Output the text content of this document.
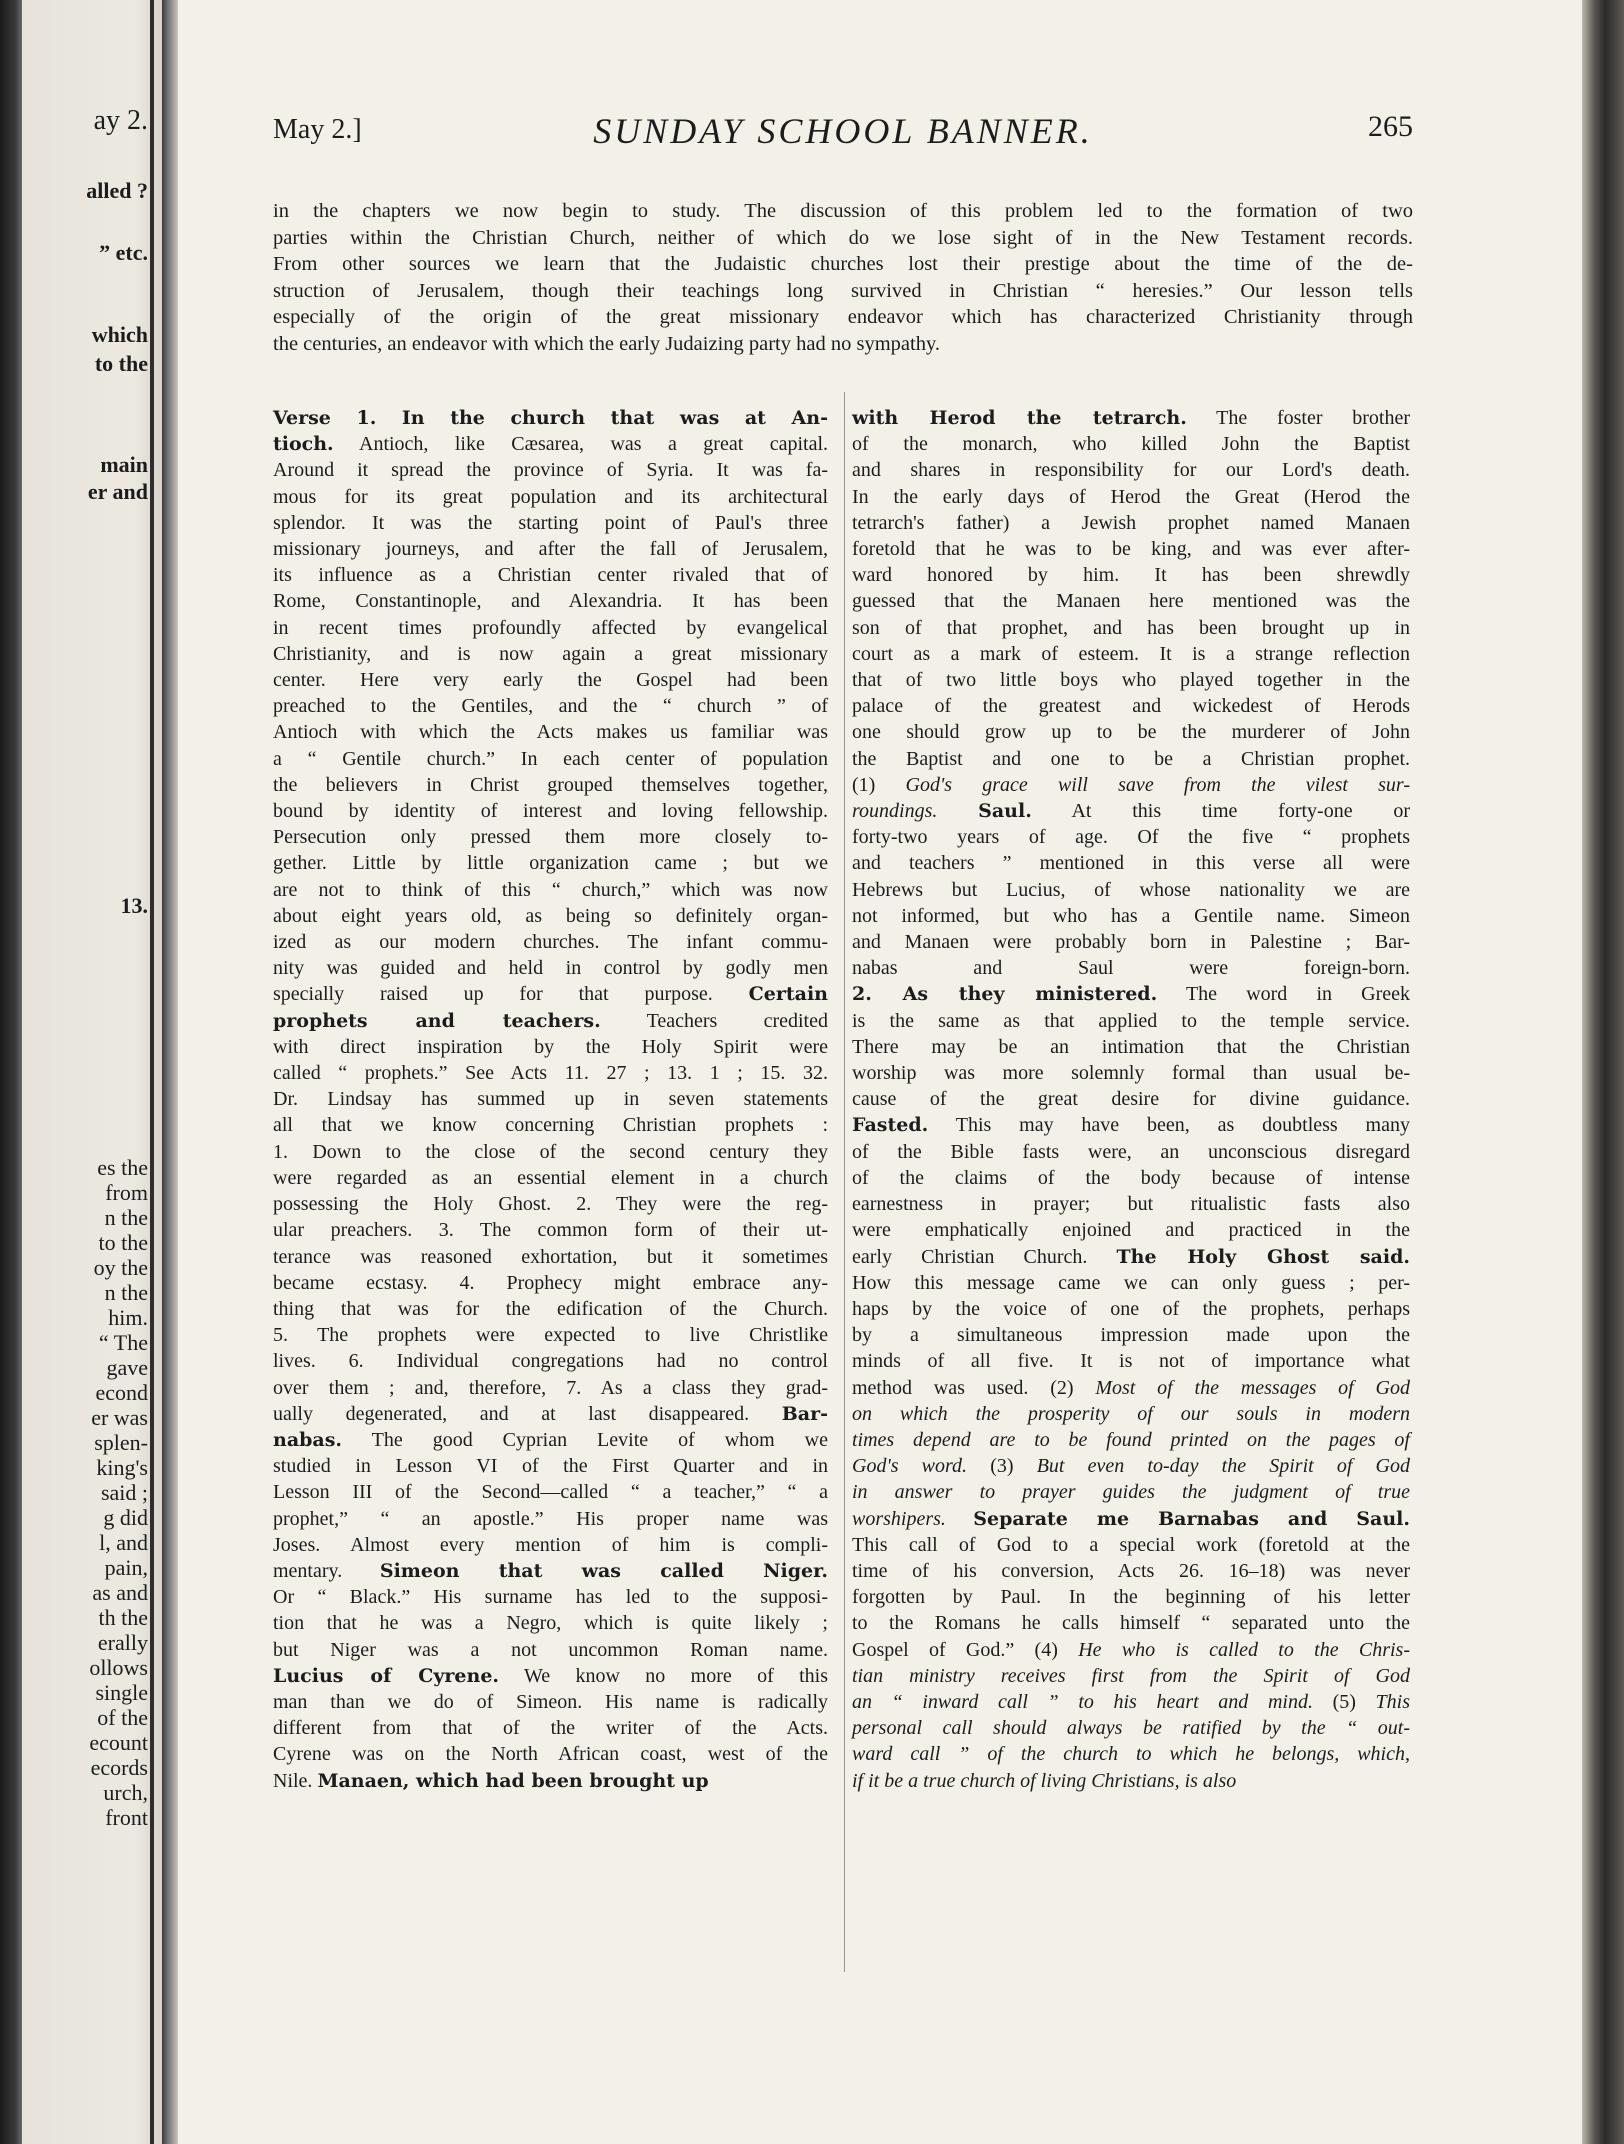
ay 2.
alled ?
” etc.
which
to the
main
er and
13.
es the
from
n the
to the
oy the
n the
him.
“ The
gave
econd
er was
splen-
king's
said ;
g did
l, and
pain,
as and
th the
erally
ollows
single
of the
ecount
ecords
urch,
front
May 2.]	SUNDAY SCHOOL BANNER.	265
in the chapters we now begin to study. The discussion of this problem led to the formation of two
parties within the Christian Church, neither of which do we lose sight of in the New Testament records.
From other sources we learn that the Judaistic churches lost their prestige about the time of the de-
struction of Jerusalem, though their teachings long survived in Christian “ heresies.” Our lesson tells
especially of the origin of the great missionary endeavor which has characterized Christianity through
the centuries, an endeavor with which the early Judaizing party had no sympathy.
Verse 1. In the church that was at An-
tioch. Antioch, like Cæsarea, was a great capital.
Around it spread the province of Syria. It was fa-
mous for its great population and its architectural
splendor. It was the starting point of Paul's three
missionary journeys, and after the fall of Jerusalem,
its influence as a Christian center rivaled that of
Rome, Constantinople, and Alexandria. It has been
in recent times profoundly affected by evangelical
Christianity, and is now again a great missionary
center. Here very early the Gospel had been
preached to the Gentiles, and the “ church ” of
Antioch with which the Acts makes us familiar was
a “ Gentile church.” In each center of population
the believers in Christ grouped themselves together,
bound by identity of interest and loving fellowship.
Persecution only pressed them more closely to-
gether. Little by little organization came ; but we
are not to think of this “ church,” which was now
about eight years old, as being so definitely organ-
ized as our modern churches. The infant commu-
nity was guided and held in control by godly men
specially raised up for that purpose. Certain
prophets and teachers. Teachers credited
with direct inspiration by the Holy Spirit were
called “ prophets.” See Acts 11. 27 ; 13. 1 ; 15. 32.
Dr. Lindsay has summed up in seven statements
all that we know concerning Christian prophets :
1. Down to the close of the second century they
were regarded as an essential element in a church
possessing the Holy Ghost. 2. They were the reg-
ular preachers. 3. The common form of their ut-
terance was reasoned exhortation, but it sometimes
became ecstasy. 4. Prophecy might embrace any-
thing that was for the edification of the Church.
5. The prophets were expected to live Christlike
lives. 6. Individual congregations had no control
over them ; and, therefore, 7. As a class they grad-
ually degenerated, and at last disappeared. Bar-
nabas. The good Cyprian Levite of whom we
studied in Lesson VI of the First Quarter and in
Lesson III of the Second—called “ a teacher,” “ a
prophet,” “ an apostle.” His proper name was
Joses. Almost every mention of him is compli-
mentary. Simeon that was called Niger.
Or “ Black.” His surname has led to the supposi-
tion that he was a Negro, which is quite likely ;
but Niger was a not uncommon Roman name.
Lucius of Cyrene. We know no more of this
man than we do of Simeon. His name is radically
different from that of the writer of the Acts.
Cyrene was on the North African coast, west of the
Nile. Manaen, which had been brought up
with Herod the tetrarch. The foster brother
of the monarch, who killed John the Baptist
and shares in responsibility for our Lord's death.
In the early days of Herod the Great (Herod the
tetrarch's father) a Jewish prophet named Manaen
foretold that he was to be king, and was ever after-
ward honored by him. It has been shrewdly
guessed that the Manaen here mentioned was the
son of that prophet, and has been brought up in
court as a mark of esteem. It is a strange reflection
that of two little boys who played together in the
palace of the greatest and wickedest of Herods
one should grow up to be the murderer of John
the Baptist and one to be a Christian prophet.
(1) God's grace will save from the vilest sur-
roundings. Saul. At this time forty-one or
forty-two years of age. Of the five “ prophets
and teachers ” mentioned in this verse all were
Hebrews but Lucius, of whose nationality we are
not informed, but who has a Gentile name. Simeon
and Manaen were probably born in Palestine ; Bar-
nabas and Saul were foreign-born.
2. As they ministered. The word in Greek
is the same as that applied to the temple service.
There may be an intimation that the Christian
worship was more solemnly formal than usual be-
cause of the great desire for divine guidance.
Fasted. This may have been, as doubtless many
of the Bible fasts were, an unconscious disregard
of the claims of the body because of intense
earnestness in prayer; but ritualistic fasts also
were emphatically enjoined and practiced in the
early Christian Church. The Holy Ghost said.
How this message came we can only guess ; per-
haps by the voice of one of the prophets, perhaps
by a simultaneous impression made upon the
minds of all five. It is not of importance what
method was used. (2) Most of the messages of God
on which the prosperity of our souls in modern
times depend are to be found printed on the pages of
God's word. (3) But even to-day the Spirit of God
in answer to prayer guides the judgment of true
worshipers. Separate me Barnabas and Saul.
This call of God to a special work (foretold at the
time of his conversion, Acts 26. 16–18) was never
forgotten by Paul. In the beginning of his letter
to the Romans he calls himself “ separated unto the
Gospel of God.” (4) He who is called to the Chris-
tian ministry receives first from the Spirit of God
an “ inward call ” to his heart and mind. (5) This
personal call should always be ratified by the “ out-
ward call ” of the church to which he belongs, which,
if it be a true church of living Christians, is also
